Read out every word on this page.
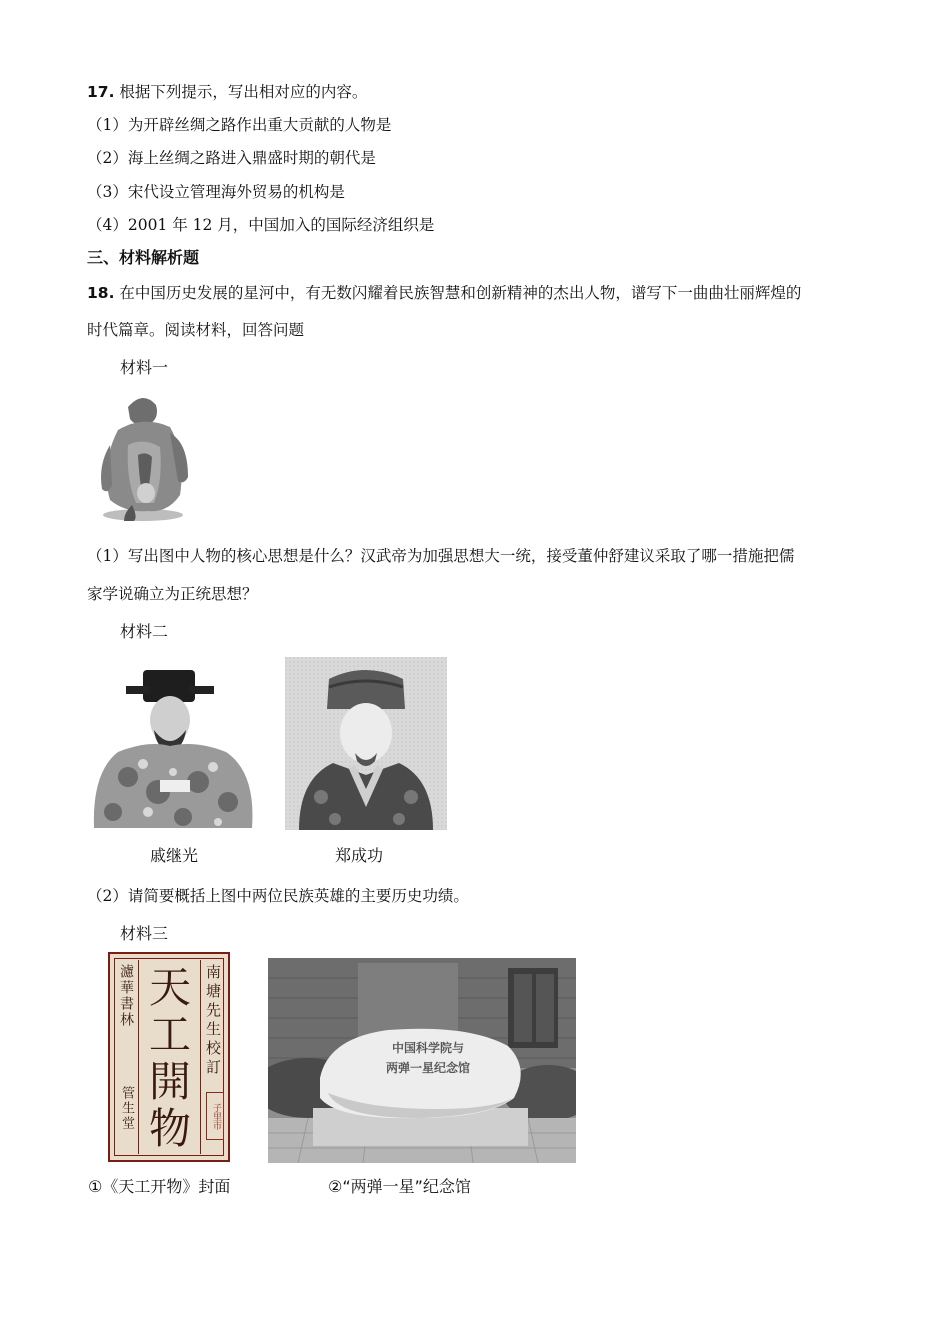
17. 根据下列提示，写出相对应的内容。
（1）为开辟丝绸之路作出重大贡献的人物是
（2）海上丝绸之路进入鼎盛时期的朝代是
（3）宋代设立管理海外贸易的机构是
（4）2001 年 12 月，中国加入的国际经济组织是
三、材料解析题
18. 在中国历史发展的星河中，有无数闪耀着民族智慧和创新精神的杰出人物，谱写下一曲曲壮丽辉煌的
时代篇章。阅读材料，回答问题
材料一
（1）写出图中人物的核心思想是什么？汉武帝为加强思想大一统，接受董仲舒建议采取了哪一措施把儒
家学说确立为正统思想？
材料二
戚继光	郑成功
（2）请简要概括上图中两位民族英雄的主要历史功绩。
材料三
天
工
開
物
南塘先生校訂
子里市
濾華書林
管生堂
中国科学院与
两弹一星纪念馆
①《天工开物》封面	②“两弹一星”纪念馆
